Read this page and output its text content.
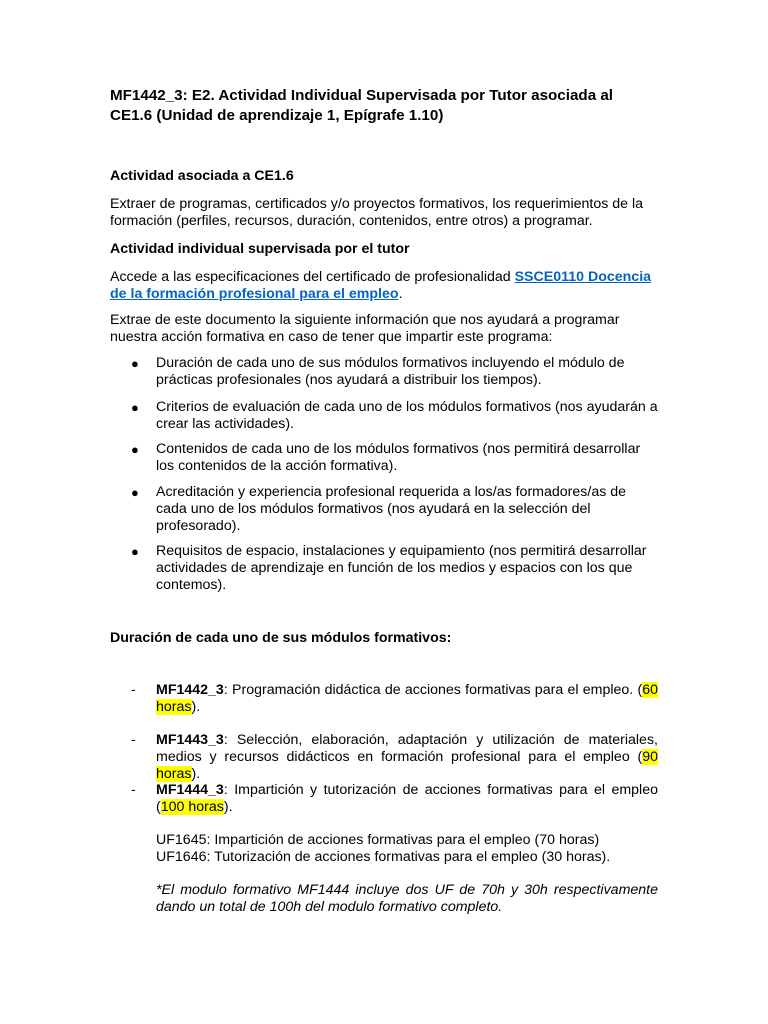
MF1442_3: E2. Actividad Individual Supervisada por Tutor asociada al CE1.6 (Unidad de aprendizaje 1, Epígrafe 1.10)

Actividad asociada a CE1.6

Extraer de programas, certificados y/o proyectos formativos, los requerimientos de la formación (perfiles, recursos, duración, contenidos, entre otros) a programar.

Actividad individual supervisada por el tutor

Accede a las especificaciones del certificado de profesionalidad SSCE0110 Docencia de la formación profesional para el empleo.

Extrae de este documento la siguiente información que nos ayudará a programar nuestra acción formativa en caso de tener que impartir este programa:

● Duración de cada uno de sus módulos formativos incluyendo el módulo de prácticas profesionales (nos ayudará a distribuir los tiempos).
● Criterios de evaluación de cada uno de los módulos formativos (nos ayudarán a crear las actividades).
● Contenidos de cada uno de los módulos formativos (nos permitirá desarrollar los contenidos de la acción formativa).
● Acreditación y experiencia profesional requerida a los/as formadores/as de cada uno de los módulos formativos (nos ayudará en la selección del profesorado).
● Requisitos de espacio, instalaciones y equipamiento (nos permitirá desarrollar actividades de aprendizaje en función de los medios y espacios con los que contemos).

Duración de cada uno de sus módulos formativos:

- MF1442_3: Programación didáctica de acciones formativas para el empleo. (60 horas).
- MF1443_3: Selección, elaboración, adaptación y utilización de materiales, medios y recursos didácticos en formación profesional para el empleo (90 horas).
- MF1444_3: Impartición y tutorización de acciones formativas para el empleo (100 horas).

UF1645: Impartición de acciones formativas para el empleo (70 horas)

UF1646: Tutorización de acciones formativas para el empleo (30 horas).

*El modulo formativo MF1444 incluye dos UF de 70h y 30h respectivamente dando un total de 100h del modulo formativo completo.
